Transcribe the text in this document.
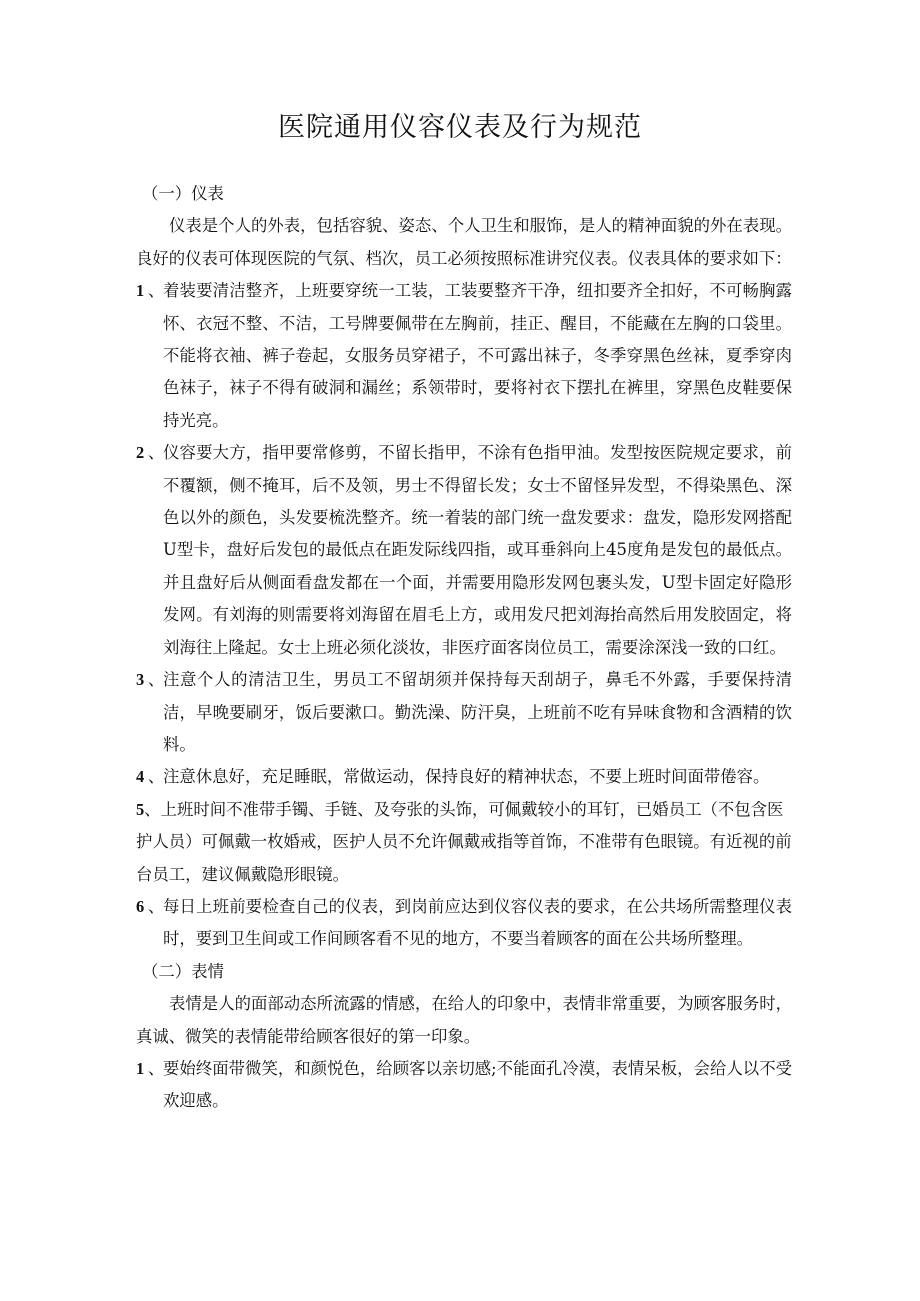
医院通用仪容仪表及行为规范

（一）仪表

仪表是个人的外表，包括容貌、姿态、个人卫生和服饰，是人的精神面貌的外在表现。良好的仪表可体现医院的气氛、档次，员工必须按照标准讲究仪表。仪表具体的要求如下：

1 、
着装要清洁整齐，上班要穿统一工装，工装要整齐干净，纽扣要齐全扣好，不可畅胸露怀、衣冠不整、不洁，工号牌要佩带在左胸前，挂正、醒目，不能藏在左胸的口袋里。不能将衣袖、裤子卷起，女服务员穿裙子，不可露出袜子，冬季穿黑色丝袜，夏季穿肉色袜子，袜子不得有破洞和漏丝；系领带时，要将衬衣下摆扎在裤里，穿黑色皮鞋要保持光亮。
2 、
仪容要大方，指甲要常修剪，不留长指甲，不涂有色指甲油。发型按医院规定要求，前不覆额，侧不掩耳，后不及领，男士不得留长发；女士不留怪异发型，不得染黑色、深色以外的颜色，头发要梳洗整齐。统一着装的部门统一盘发要求：盘发，隐形发网搭配U型卡，盘好后发包的最低点在距发际线四指，或耳垂斜向上45度角是发包的最低点。并且盘好后从侧面看盘发都在一个面，并需要用隐形发网包裹头发，U型卡固定好隐形发网。有刘海的则需要将刘海留在眉毛上方，或用发尺把刘海抬高然后用发胶固定，将刘海往上隆起。女士上班必须化淡妆，非医疗面客岗位员工，需要涂深浅一致的口红。
3 、
注意个人的清洁卫生，男员工不留胡须并保持每天刮胡子，鼻毛不外露，手要保持清洁，早晚要刷牙，饭后要漱口。勤洗澡、防汗臭，上班前不吃有异味食物和含酒精的饮料。
4 、
注意休息好，充足睡眠，常做运动，保持良好的精神状态，不要上班时间面带倦容。
5、上班时间不准带手镯、手链、及夸张的头饰，可佩戴较小的耳钉，已婚员工（不包含医护人员）可佩戴一枚婚戒，医护人员不允许佩戴戒指等首饰，不准带有色眼镜。有近视的前台员工，建议佩戴隐形眼镜。
6 、
每日上班前要检查自己的仪表，到岗前应达到仪容仪表的要求，在公共场所需整理仪表时，要到卫生间或工作间顾客看不见的地方，不要当着顾客的面在公共场所整理。

（二）表情

表情是人的面部动态所流露的情感，在给人的印象中，表情非常重要，为顾客服务时，真诚、微笑的表情能带给顾客很好的第一印象。

1 、
要始终面带微笑，和颜悦色，给顾客以亲切感;不能面孔冷漠，表情呆板，会给人以不受欢迎感。
